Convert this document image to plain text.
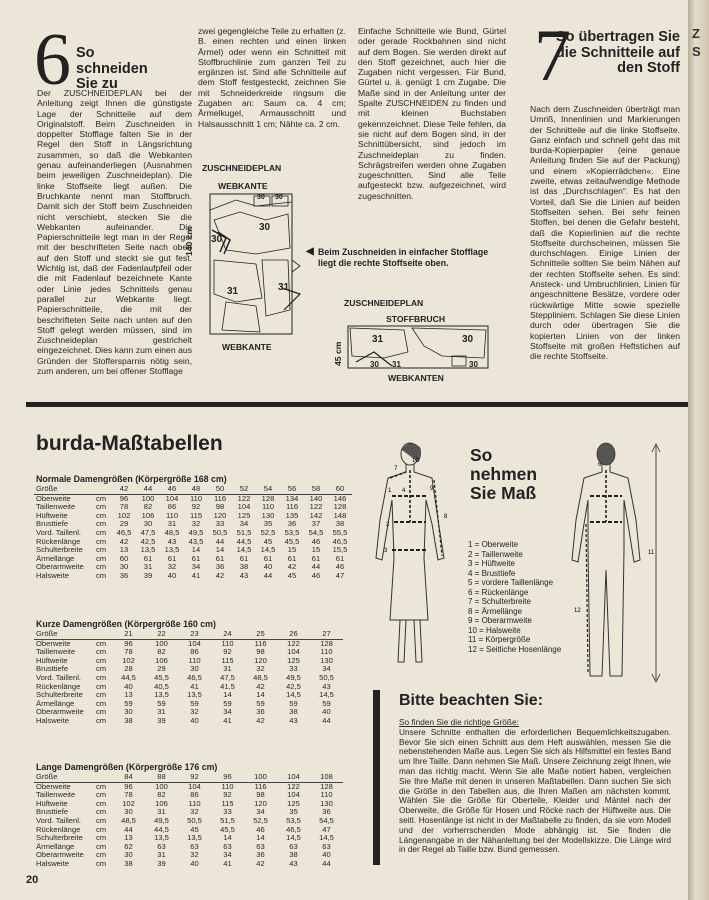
6 So schneiden Sie zu
Der ZUSCHNEIDEPLAN bei der Anleitung zeigt Ihnen die günstigste Lage der Schnitteile auf dem Originalstoff. Beim Zuschneiden in doppelter Stofflage falten Sie in der Regel den Stoff in Längsrichtung zusammen, so daß die Webkanten genau aufeinanderliegen (Ausnahmen beim jeweiligen Zuschneideplan). Die linke Stoffseite liegt außen. Die Bruchkante nennt man Stoffbruch. Damit sich der Stoff beim Zuschneiden nicht verschiebt, stecken Sie die Webkanten aufeinander. Die Papierschnitteile legt man in der Regel mit der beschrifteten Seite nach oben auf den Stoff und steckt sie gut fest. Wichtig ist, daß der Fadenlaufpfeil oder die mit Fadenlauf bezeichnete Kante oder Linie jedes Schnitteils genau parallel zur Webkante liegt. Papierschnitteile, die mit der beschrifteten Seite nach unten auf den Stoff gelegt werden müssen, sind im Zuschneideplan gestrichelt eingezeichnet. Dies kann zum einen aus Gründen der Stoffersparnis nötig sein, zum anderen, um bei offener Stofflage
zwei gegengleiche Teile zu erhalten (z. B. einen rechten und einen linken Ärmel) oder wenn ein Schnitteil mit Stoffbruchlinie zum ganzen Teil zu ergänzen ist. Sind alle Schnitteile auf dem Stoff festgesteckt, zeichnen Sie mit Schneiderkreide ringsum die Zugaben an: Saum ca. 4 cm; Ärmelkugel, Armausschnitt und Halsausschnitt 1 cm; Nähte ca. 2 cm.
Einfache Schnitteile wie Bund, Gürtel oder gerade Rockbahnen sind nicht auf dem Bogen. Sie werden direkt auf den Stoff gezeichnet, auch hier die Zugaben nicht vergessen. Für Bund, Gürtel u. ä. genügt 1 cm Zugabe. Die Maße sind in der Anleitung unter der Spalte ZUSCHNEIDEN zu finden und mit kleinen Buchstaben gekennzeichnet. Diese Teile fehlen, da sie nicht auf dem Bogen sind, in der Schnittübersicht, sind jedoch im Zuschneideplan zu finden. Schrägstreifen werden ohne Zugaben zugeschnitten. Sind alle Teile aufgesteckt bzw. aufgezeichnet, wird zugeschnitten.
ZUSCHNEIDEPLAN
WEBKANTE
30 30
30
30
31	31
140 cm
WEBKANTE
◀ Beim Zuschneiden in einfacher Stofflage liegt die rechte Stoffseite oben.
ZUSCHNEIDEPLAN
STOFFBRUCH
31	30
30 31	30
45 cm
WEBKANTEN
7
So übertragen Sie die Schnitteile auf den Stoff
Nach dem Zuschneiden überträgt man Umriß, Innenlinien und Markierungen der Schnitteile auf die linke Stoffseite. Ganz einfach und schnell geht das mit burda-Kopierpapier (eine genaue Anleitung finden Sie auf der Packung) und einem »Kopierrädchen«. Eine zweite, etwas zeitaufwendige Methode ist das „Durchschlagen“. Es hat den Vorteil, daß Sie die Linien auf beiden Stoffseiten sehen. Bei sehr feinen Stoffen, bei denen die Gefahr besteht, daß die Kopierlinien auf die rechte Stoffseite durchscheinen, müssen Sie durchschlagen. Einige Linien der Schnitteile sollten Sie beim Nähen auf der rechten Stoffseite sehen. Es sind: Ansteck- und Umbruchlinien, Linien für angeschnittene Besätze, vordere oder rückwärtige Mitte sowie spezielle Steppliniem. Schlagen Sie diese Linien durch oder übertragen Sie die kopierten Linien von der linken Stoffseite mit großen Heftstichen auf die rechte Stoffseite.
burda-Maßtabellen
Normale Damengrößen (Körpergröße 168 cm)
Größe		42	44	46	48	50	52	54	56	58	60
Oberweite	cm	96	100	104	110	116	122	128	134	140	146
Taillenweite	cm	78	82	86	92	98	104	110	116	122	128
Hüftweite	cm	102	106	110	115	120	125	130	135	142	148
Brusttiefe	cm	29	30	31	32	33	34	35	36	37	38
Vord. Taillenl.	cm	46,5	47,5	48,5	49,5	50,5	51,5	52,5	53,5	54,5	55,5
Rückenlänge	cm	42	42,5	43	43,5	44	44,5	45	45,5	46	46,5
Schulterbreite	cm	13	13,5	13,5	14	14	14,5	14,5	15	15	15,5
Ärmellänge	cm	60	61	61	61	61	61	61	61	61	61
Oberarmweite	cm	30	31	32	34	36	38	40	42	44	46
Halsweite	cm	36	39	40	41	42	43	44	45	46	47
Kurze Damengrößen (Körpergröße 160 cm)
Größe		21	22	23	24	25	26	27
Oberweite	cm	96	100	104	110	116	122	128
Taillenweite	cm	78	82	86	92	98	104	110
Hüftweite	cm	102	106	110	115	120	125	130
Brusttiefe	cm	28	29	30	31	32	33	34
Vord. Taillenl.	cm	44,5	45,5	46,5	47,5	48,5	49,5	50,5
Rückenlänge	cm	40	40,5	41	41,5	42	42,5	43
Schulterbreite	cm	13	13,5	13,5	14	14	14,5	14,5
Ärmellänge	cm	59	59	59	59	59	59	59
Oberarmweite	cm	30	31	32	34	36	38	40
Halsweite	cm	38	39	40	41	42	43	44
Lange Damengrößen (Körpergröße 176 cm)
Größe		84	88	92	96	100	104	108
Oberweite	cm	96	100	104	110	116	122	128
Taillenweite	cm	78	82	86	92	98	104	110
Hüftweite	cm	102	106	110	115	120	125	130
Brusttiefe	cm	30	31	32	33	34	35	36
Vord. Taillenl.	cm	48,5	49,5	50,5	51,5	52,5	53,5	54,5
Rückenlänge	cm	44	44,5	45	45,5	46	46,5	47
Schulterbreite	cm	13	13,5	13,5	14	14	14,5	14,5
Ärmellänge	cm	62	63	63	63	63	63	63
Oberarmweite	cm	30	31	32	34	36	38	40
Halsweite	cm	38	39	40	41	42	43	44
7
10
4
1
2
3
8
9
So nehmen Sie Maß
1 = Oberweite
2 = Taillenweite
3 = Hüftweite
4 = Brusttiefe
5 = vordere Taillenlänge
6 = Rückenlänge
7 = Schulterbreite
8 = Ärmellänge
9 = Oberarmweite
10 = Halsweite
11 = Körpergröße
12 = Seitliche Hosenlänge
11
12
6
Bitte beachten Sie:
So finden Sie die richtige Größe:
Unsere Schnitte enthalten die erforderlichen Bequemlichkeitszugaben. Bevor Sie sich einen Schnitt aus dem Heft auswählen, messen Sie die nebenstehenden Maße aus. Legen Sie sich als Hilfsmittel ein festes Band um Ihre Taille. Dann nehmen Sie Maß. Unsere Zeichnung zeigt Ihnen, wie man das richtig macht. Wenn Sie alle Maße notiert haben, vergleichen Sie Ihre Maße mit denen in unseren Maßtabellen. Dann suchen Sie sich die Größe in den Tabellen aus, die Ihren Maßen am nächsten kommt. Wählen Sie die Größe für Oberteile, Kleider und Mäntel nach der Oberweite, die Größe für Hosen und Röcke nach der Hüftweite aus. Die seitl. Hosenlänge ist nicht in der Maßtabelle zu finden, da sie vom Modell und der vorherrschenden Mode abhängig ist. Sie finden die Längenangabe in der Nähanleitung bei der Modellskizze. Die Länge wird in der Regel ab Taille bzw. Bund gemessen.
20
Z
S
